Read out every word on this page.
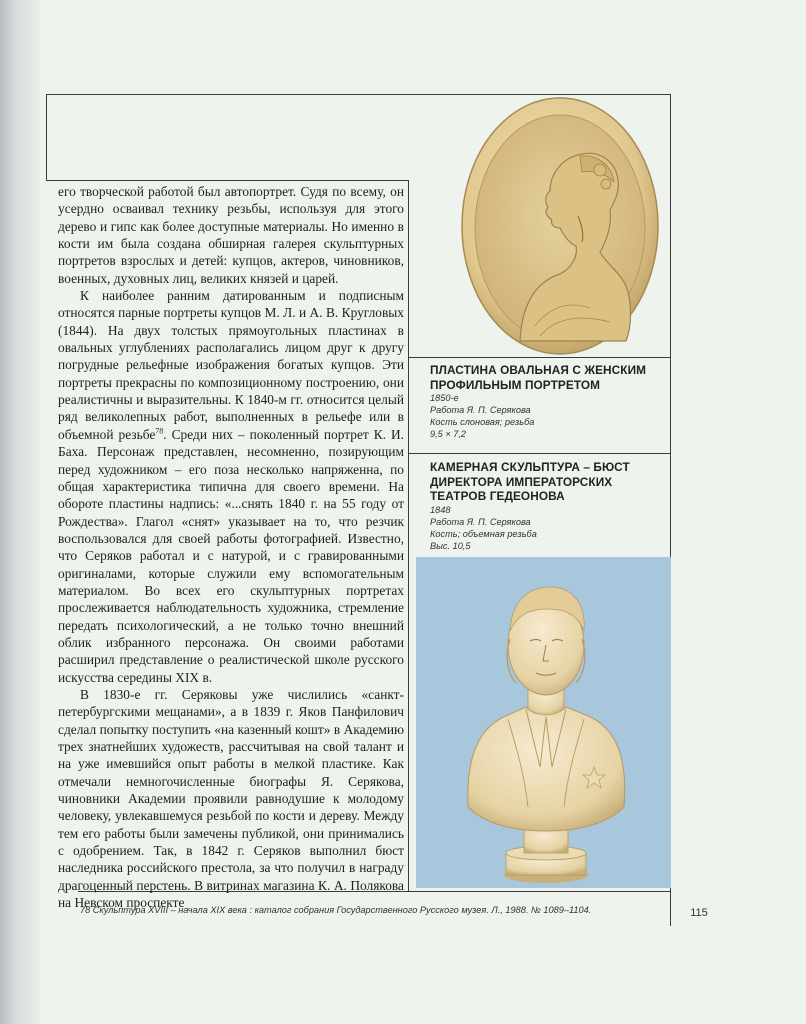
его творческой работой был автопортрет. Судя по всему, он усердно осваивал технику резьбы, используя для этого дерево и гипс как более доступные материалы. Но именно в кости им была создана обширная галерея скульптурных портретов взрослых и детей: купцов, актеров, чиновников, военных, духовных лиц, великих князей и царей.

К наиболее ранним датированным и подписным относятся парные портреты купцов М. Л. и А. В. Кругловых (1844). На двух толстых прямоугольных пластинах в овальных углублениях располагались лицом друг к другу погрудные рельефные изображения богатых купцов. Эти портреты прекрасны по композиционному построению, они реалистичны и выразительны. К 1840-м гг. относится целый ряд великолепных работ, выполненных в рельефе или в объемной резьбе$^{78}$. Среди них – поколенный портрет К. И. Баха. Персонаж представлен, несомненно, позирующим перед художником – его поза несколько напряженна, по общая характеристика типична для своего времени. На обороте пластины надпись: «...снять 1840 г. на 55 году от Рождества». Глагол «снят» указывает на то, что резчик воспользовался для своей работы фотографией. Известно, что Серяков работал и с натурой, и с гравированными оригиналами, которые служили ему вспомогательным материалом. Во всех его скульптурных портретах прослеживается наблюдательность художника, стремление передать психологический, а не только точно внешний облик избранного персонажа. Он своими работами расширил представление о реалистической школе русского искусства середины XIX в.

В 1830-е гг. Серяковы уже числились «санкт-петербургскими мещанами», а в 1839 г. Яков Панфилович сделал попытку поступить «на казенный кошт» в Академию трех знатнейших художеств, рассчитывая на свой талант и на уже имевшийся опыт работы в мелкой пластике. Как отмечали немногочисленные биографы Я. Серякова, чиновники Академии проявили равнодушие к молодому человеку, увлекавшемуся резьбой по кости и дереву. Между тем его работы были замечены публикой, они принимались с одобрением. Так, в 1842 г. Серяков выполнил бюст наследника российского престола, за что получил в награду драгоценный перстень. В витринах магазина К. А. Полякова на Невском проспекте

ПЛАСТИНА ОВАЛЬНАЯ С ЖЕНСКИМ ПРОФИЛЬНЫМ ПОРТРЕТОМ
1850-е
Работа Я. П. Серякова
Кость слоновая; резьба
9,5 × 7,2
КАМЕРНАЯ СКУЛЬПТУРА – БЮСТ ДИРЕКТОРА ИМПЕРАТОРСКИХ ТЕАТРОВ ГЕДЕОНОВА
1848
Работа Я. П. Серякова
Кость; объемная резьба
Выс. 10,5
78 Скульптура XVIII – начала XIX века : каталог собрания Государственного Русского музея. Л., 1988. № 1089–1104.	115
